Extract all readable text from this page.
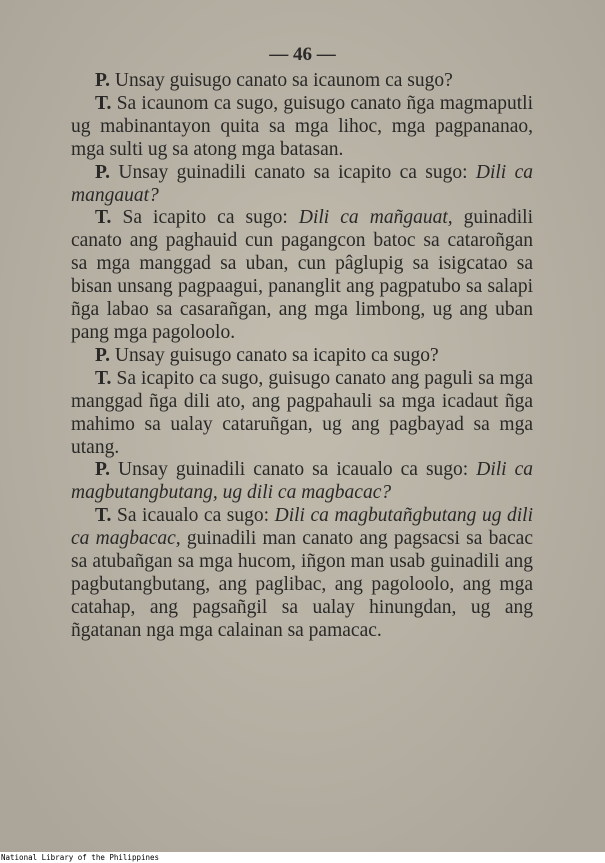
— 46 —

P. Unsay guisugo canato sa icaunom ca sugo?

T. Sa icaunom ca sugo, guisugo canato ñga magmaputli ug mabinantayon quita sa mga lihoc, mga pagpananao, mga sulti ug sa atong mga batasan.

P. Unsay guinadili canato sa icapito ca sugo: Dili ca mangauat?

T. Sa icapito ca sugo: Dili ca mañgauat, guinadili canato ang paghauid cun pagangcon batoc sa cataroñgan sa mga manggad sa uban, cun pâglupig sa isigcatao sa bisan unsang pagpaagui, pananglit ang pagpatubo sa salapi ñga labao sa casarañgan, ang mga limbong, ug ang uban pang mga pagoloolo.

P. Unsay guisugo canato sa icapito ca sugo?

T. Sa icapito ca sugo, guisugo canato ang paguli sa mga manggad ñga dili ato, ang pagpahauli sa mga icadaut ñga mahimo sa ualay cataruñgan, ug ang pagbayad sa mga utang.

P. Unsay guinadili canato sa icaualo ca sugo: Dili ca magbutangbutang, ug dili ca magbacac?

T. Sa icaualo ca sugo: Dili ca magbutañgbutang ug dili ca magbacac, guinadili man canato ang pagsacsi sa bacac sa atubañgan sa mga hucom, iñgon man usab guinadili ang pagbutangbutang, ang paglibac, ang pagoloolo, ang mga catahap, ang pagsañgil sa ualay hinungdan, ug ang ñgatanan nga mga calainan sa pamacac.

National Library of the Philippines
